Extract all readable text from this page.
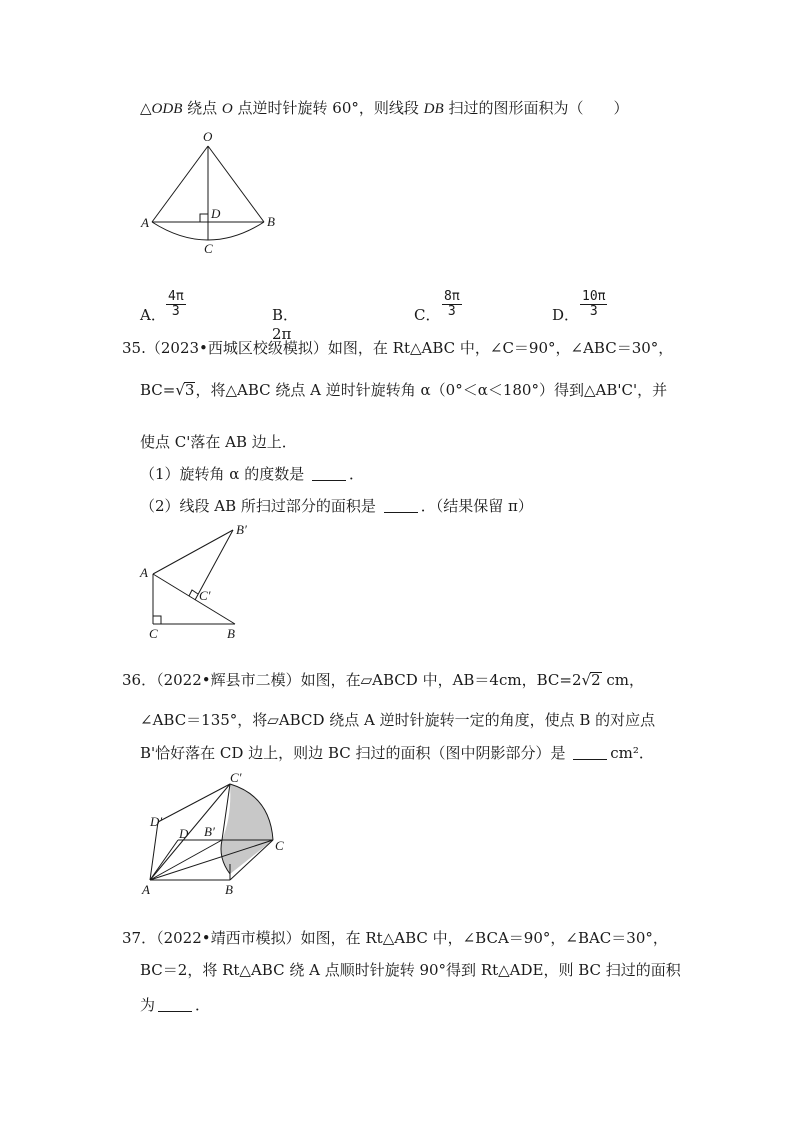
△ODB 绕点 O 点逆时针旋转 60°，则线段 DB 扫过的图形面积为（　　）
O
A	B
D
C
A． $\frac{4\pi}{3}$	B．2π
C． $\frac{8\pi}{3}$	D． $\frac{10\pi}{3}$
35.（2023•西城区校级模拟）如图，在 Rt△ABC 中，∠C＝90°，∠ABC＝30°，
BC=√3，将△ABC 绕点 A 逆时针旋转角 α（0°＜α＜180°）得到△AB'C'，并
使点 C'落在 AB 边上．
（1）旋转角 α 的度数是	．
（2）线段 AB 所扫过部分的面积是	．（结果保留 π）
A
C	B
B′
C′
36．（2022•辉县市二模）如图，在▱ABCD 中，AB＝4cm，BC=2√2 cm，
∠ABC＝135°，将▱ABCD 绕点 A 逆时针旋转一定的角度，使点 B 的对应点
B'恰好落在 CD 边上，则边 BC 扫过的面积（图中阴影部分）是	cm²．
A	B
C
D B′
C′
D′
37．（2022•靖西市模拟）如图，在 Rt△ABC 中，∠BCA＝90°，∠BAC＝30°，
BC＝2，将 Rt△ABC 绕 A 点顺时针旋转 90°得到 Rt△ADE，则 BC 扫过的面积
为	．
